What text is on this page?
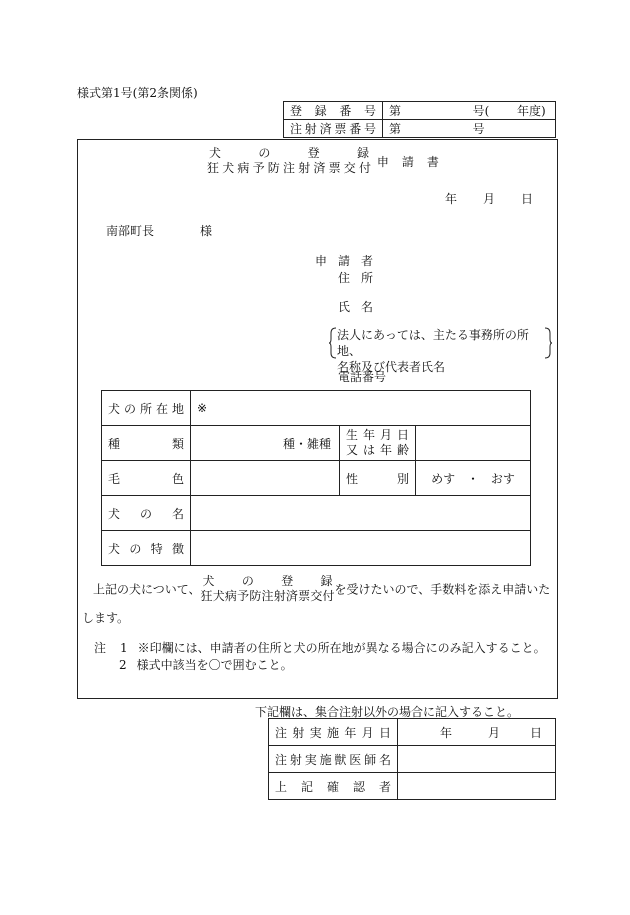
様式第1号(第2条関係)
登録番号	第 号( 年度)

注射済票番号	第 号
犬の登録
狂犬病予防注射済票交付 申請書
年 月 日
南部町長	様
申請者
住所
氏名
法人にあっては、主たる事務所の所地、
名称及び代表者氏名
電話番号
犬の所在地	※		

種類	種・雑種	生年月日
又は年齢	

毛色		性別	めす ・ おす

犬の名			

犬の特徴			

上記の犬について、
犬の登録
狂犬病予防注射済票交付 を受けたいので、手数料を添え申請いた
します。
注 1 ※印欄には、申請者の住所と犬の所在地が異なる場合にのみ記入すること。
2 様式中該当を〇で囲むこと。
下記欄は、集合注射以外の場合に記入すること。
注射実施年月日	年 月 日

注射実施獣医師名	

上記確認者	
